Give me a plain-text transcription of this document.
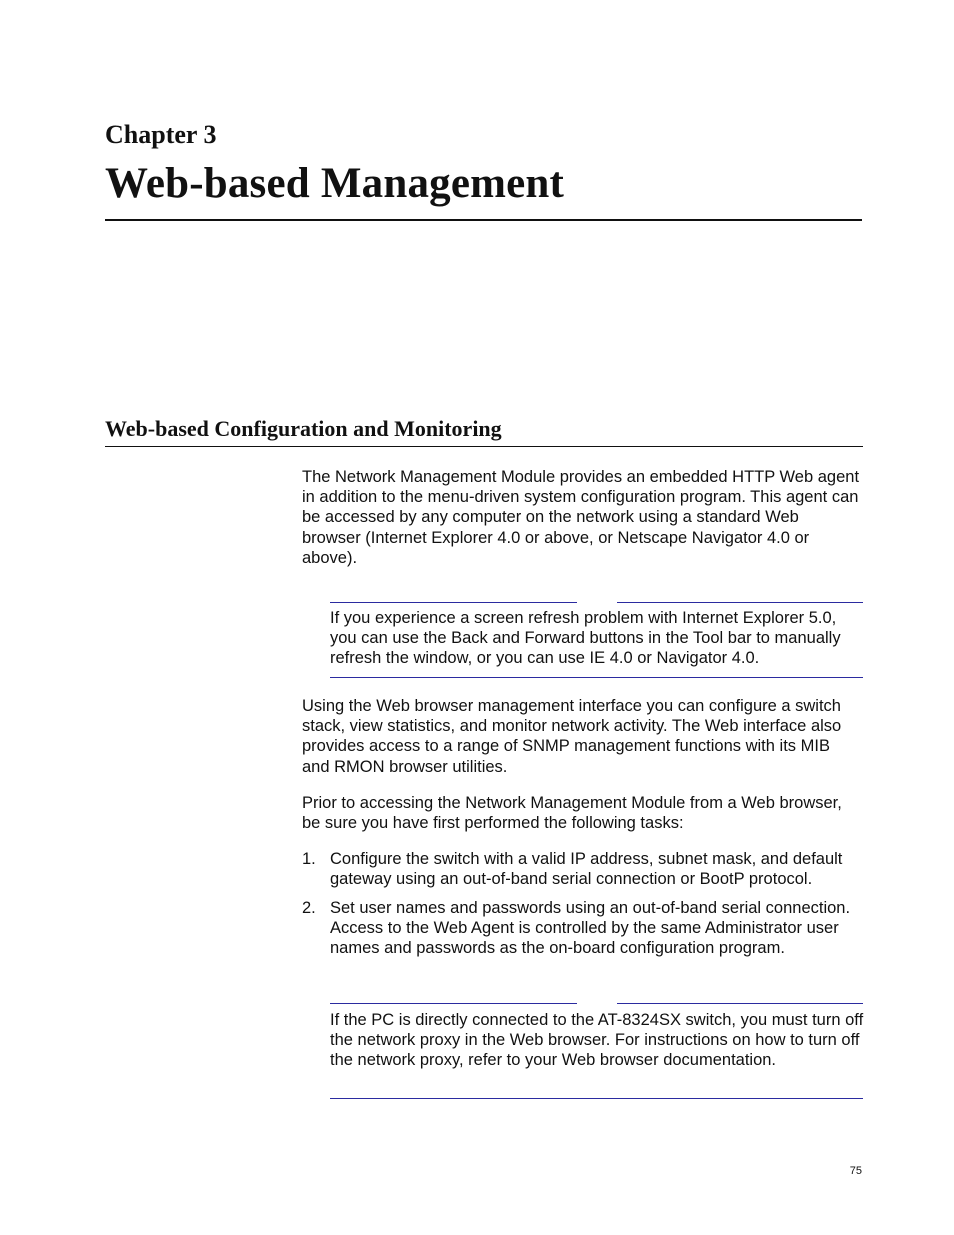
Chapter 3
Web-based Management
Web-based Configuration and Monitoring

The Network Management Module provides an embedded HTTP Web agent in addition to the menu-driven system configuration program. This agent can be accessed by any computer on the network using a standard Web browser (Internet Explorer 4.0 or above, or Netscape Navigator 4.0 or above).

If you experience a screen refresh problem with Internet Explorer 5.0, you can use the Back and Forward buttons in the Tool bar to manually refresh the window, or you can use IE 4.0 or Navigator 4.0.

Using the Web browser management interface you can configure a switch stack, view statistics, and monitor network activity. The Web interface also provides access to a range of SNMP management functions with its MIB and RMON browser utilities.

Prior to accessing the Network Management Module from a Web browser, be sure you have first performed the following tasks:

1. Configure the switch with a valid IP address, subnet mask, and default gateway using an out-of-band serial connection or BootP protocol.

2. Set user names and passwords using an out-of-band serial connection. Access to the Web Agent is controlled by the same Administrator user names and passwords as the on-board configuration program.

If the PC is directly connected to the AT-8324SX switch, you must turn off the network proxy in the Web browser. For instructions on how to turn off the network proxy, refer to your Web browser documentation.

75
